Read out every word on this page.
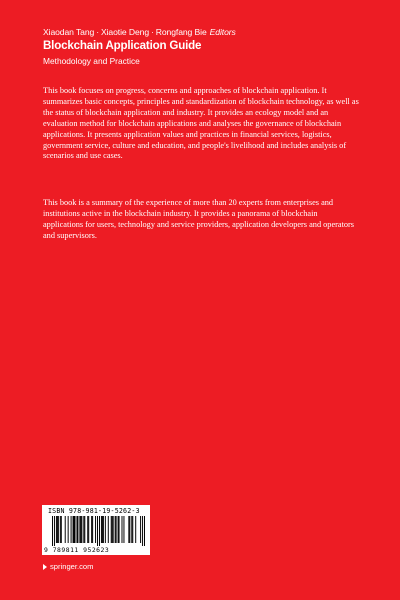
Xiaodan Tang · Xiaotie Deng · Rongfang Bie Editors
Blockchain Application Guide
Methodology and Practice

This book focuses on progress, concerns and approaches of blockchain application. It summarizes basic concepts, principles and standardization of blockchain technology, as well as the status of blockchain application and industry. It provides an ecology model and an evaluation method for blockchain applications and analyses the governance of blockchain applications. It presents application values and practices in financial services, logistics, government service, culture and education, and people's livelihood and includes analysis of scenarios and use cases.

This book is a summary of the experience of more than 20 experts from enterprises and institutions active in the blockchain industry. It provides a panorama of blockchain applications for users, technology and service providers, application developers and operators and supervisors.

ISBN 978-981-19-5262-3
9 789811 952623
springer.com
